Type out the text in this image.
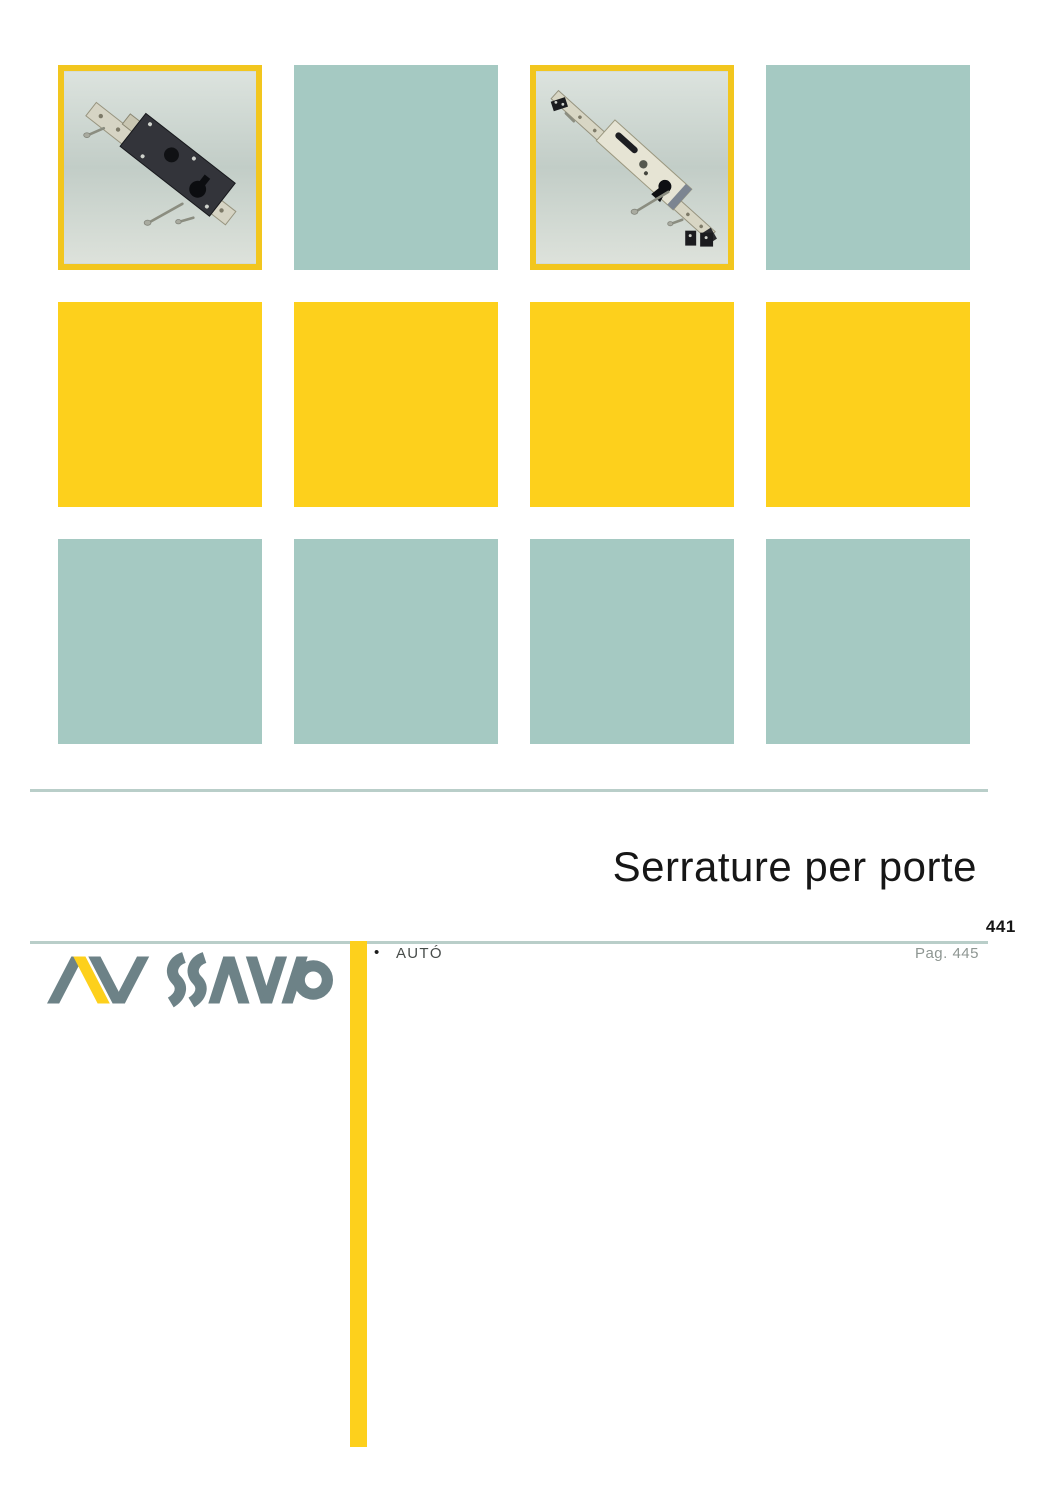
Serrature per porte
441
• AUTÓ	Pag. 445
